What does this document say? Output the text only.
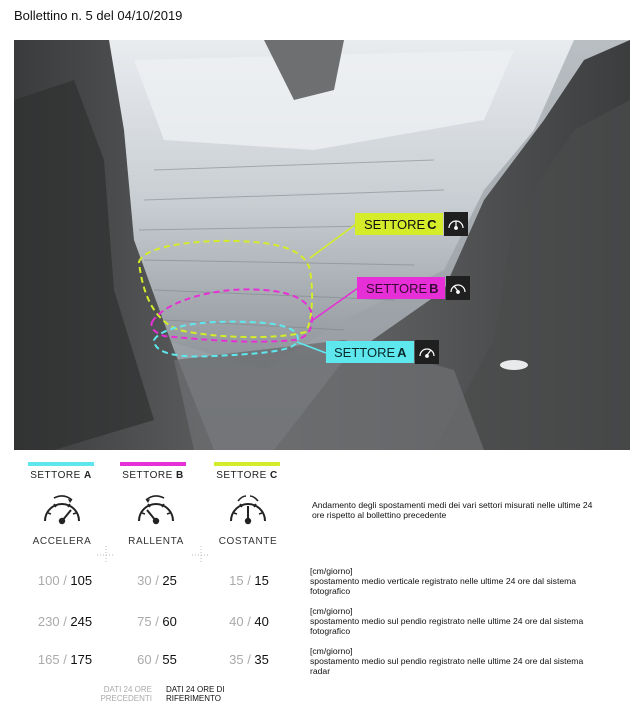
Bollettino n. 5 del 04/10/2019
SETTORE C
SETTORE B
SETTORE A
SETTORE A	SETTORE B	SETTORE C
ACCELERA	RALLENTA	COSTANTE
Andamento degli spostamenti medi dei vari settori misurati nelle ultime 24 ore rispetto al bollettino precedente
100 / 105	30 / 25	15 / 15
[cm/giorno]
spostamento medio verticale registrato nelle ultime 24 ore dal sistema fotografico
230 / 245	75 / 60	40 / 40
[cm/giorno]
spostamento medio sul pendio registrato nelle ultime 24 ore dal sistema fotografico
165 / 175	60 / 55	35 / 35
[cm/giorno]
spostamento medio sul pendio registrato nelle ultime 24 ore dal sistema radar
DATI 24 ORE
PRECEDENTI
DATI 24 ORE DI
RIFERIMENTO
